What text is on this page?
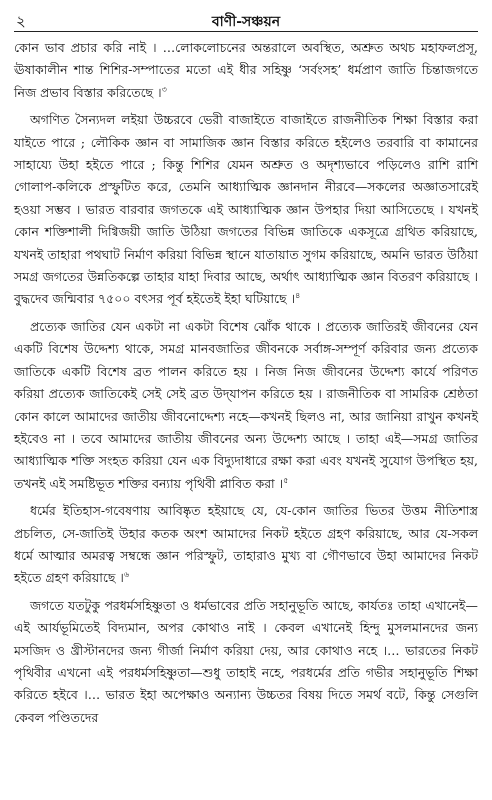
২	বাণী-সঞ্চয়ন

কোন ভাব প্রচার করি নাই । …লোকলোচনের অন্তরালে অবস্থিত, অশ্রুত অথচ মহাফলপ্রসূ, ঊষাকালীন শান্ত শিশির-সম্পাতের মতো এই ধীর সহিষ্ণু ‘সর্বংসহ’ ধর্মপ্রাণ জাতি চিন্তাজগতে নিজ প্রভাব বিস্তার করিতেছে ।$^৩$

অগণিত সৈন্যদল লইয়া উচ্চরবে ভেরী বাজাইতে বাজাইতে রাজনীতিক শিক্ষা বিস্তার করা যাইতে পারে ; লৌকিক জ্ঞান বা সামাজিক জ্ঞান বিস্তার করিতে হইলেও তরবারি বা কামানের সাহায্যে উহা হইতে পারে ; কিন্তু শিশির যেমন অশ্রুত ও অদৃশ্যভাবে পড়িলেও রাশি রাশি গোলাপ-কলিকে প্রস্ফুটিত করে, তেমনি আধ্যাত্মিক জ্ঞানদান নীরবে—সকলের অজ্ঞাতসারেই হওয়া সম্ভব । ভারত বারবার জগতকে এই আধ্যাত্মিক জ্ঞান উপহার দিয়া আসিতেছে । যখনই কোন শক্তিশালী দিগ্বিজয়ী জাতি উঠিয়া জগতের বিভিন্ন জাতিকে একসূত্রে গ্রথিত করিয়াছে, যখনই তাহারা পথঘাট নির্মাণ করিয়া বিভিন্ন স্থানে যাতায়াত সুগম করিয়াছে, অমনি ভারত উঠিয়া সমগ্র জগতের উন্নতিকল্পে তাহার যাহা দিবার আছে, অর্থাৎ আধ্যাত্মিক জ্ঞান বিতরণ করিয়াছে । বুদ্ধদেব জন্মিবার ৭৫০০ বৎসর পূর্ব হইতেই ইহা ঘটিয়াছে ।$^৪$

প্রত্যেক জাতির যেন একটা না একটা বিশেষ ঝোঁক থাকে । প্রত্যেক জাতিরই জীবনের যেন একটি বিশেষ উদ্দেশ্য থাকে, সমগ্র মানবজাতির জীবনকে সর্বাঙ্গ-সম্পূর্ণ করিবার জন্য প্রত্যেক জাতিকে একটি বিশেষ ব্রত পালন করিতে হয় । নিজ নিজ জীবনের উদ্দেশ্য কার্যে পরিণত করিয়া প্রত্যেক জাতিকেই সেই সেই ব্রত উদ্‌যাপন করিতে হয় । রাজনীতিক বা সামরিক শ্রেষ্ঠতা কোন কালে আমাদের জাতীয় জীবনোদ্দেশ্য নহে—কখনই ছিলও না, আর জানিয়া রাখুন কখনই হইবেও না । তবে আমাদের জাতীয় জীবনের অন্য উদ্দেশ্য আছে । তাহা এই—সমগ্র জাতির আধ্যাত্মিক শক্তি সংহত করিয়া যেন এক বিদ্যুদাধারে রক্ষা করা এবং যখনই সুযোগ উপস্থিত হয়, তখনই এই সমষ্টিভূত শক্তির বন্যায় পৃথিবী প্লাবিত করা ।$^৫$

ধর্মের ইতিহাস-গবেষণায় আবিষ্কৃত হইয়াছে যে, যে-কোন জাতির ভিতর উত্তম নীতিশাস্ত্র প্রচলিত, সে-জাতিই উহার কতক অংশ আমাদের নিকট হইতে গ্রহণ করিয়াছে, আর যে-সকল ধর্মে আত্মার অমরত্ব সম্বন্ধে জ্ঞান পরিস্ফুট, তাহারাও মুখ্য বা গৌণভাবে উহা আমাদের নিকট হইতে গ্রহণ করিয়াছে ।$^৬$

জগতে যতটুকু পরধর্মসহিষ্ণুতা ও ধর্মভাবের প্রতি সহানুভূতি আছে, কার্যতঃ তাহা এখানেই—এই আর্যভূমিতেই বিদ্যমান, অপর কোথাও নাই । কেবল এখানেই হিন্দু মুসলমানদের জন্য মসজিদ ও খ্রীস্টানদের জন্য গীর্জা নির্মাণ করিয়া দেয়, আর কোথাও নহে ।… ভারতের নিকট পৃথিবীর এখনো এই পরধর্মসহিষ্ণুতা—শুধু তাহাই নহে, পরধর্মের প্রতি গভীর সহানুভূতি শিক্ষা করিতে হইবে ।… ভারত ইহা অপেক্ষাও অন্যান্য উচ্চতর বিষয় দিতে সমর্থ বটে, কিন্তু সেগুলি কেবল পণ্ডিতদের
